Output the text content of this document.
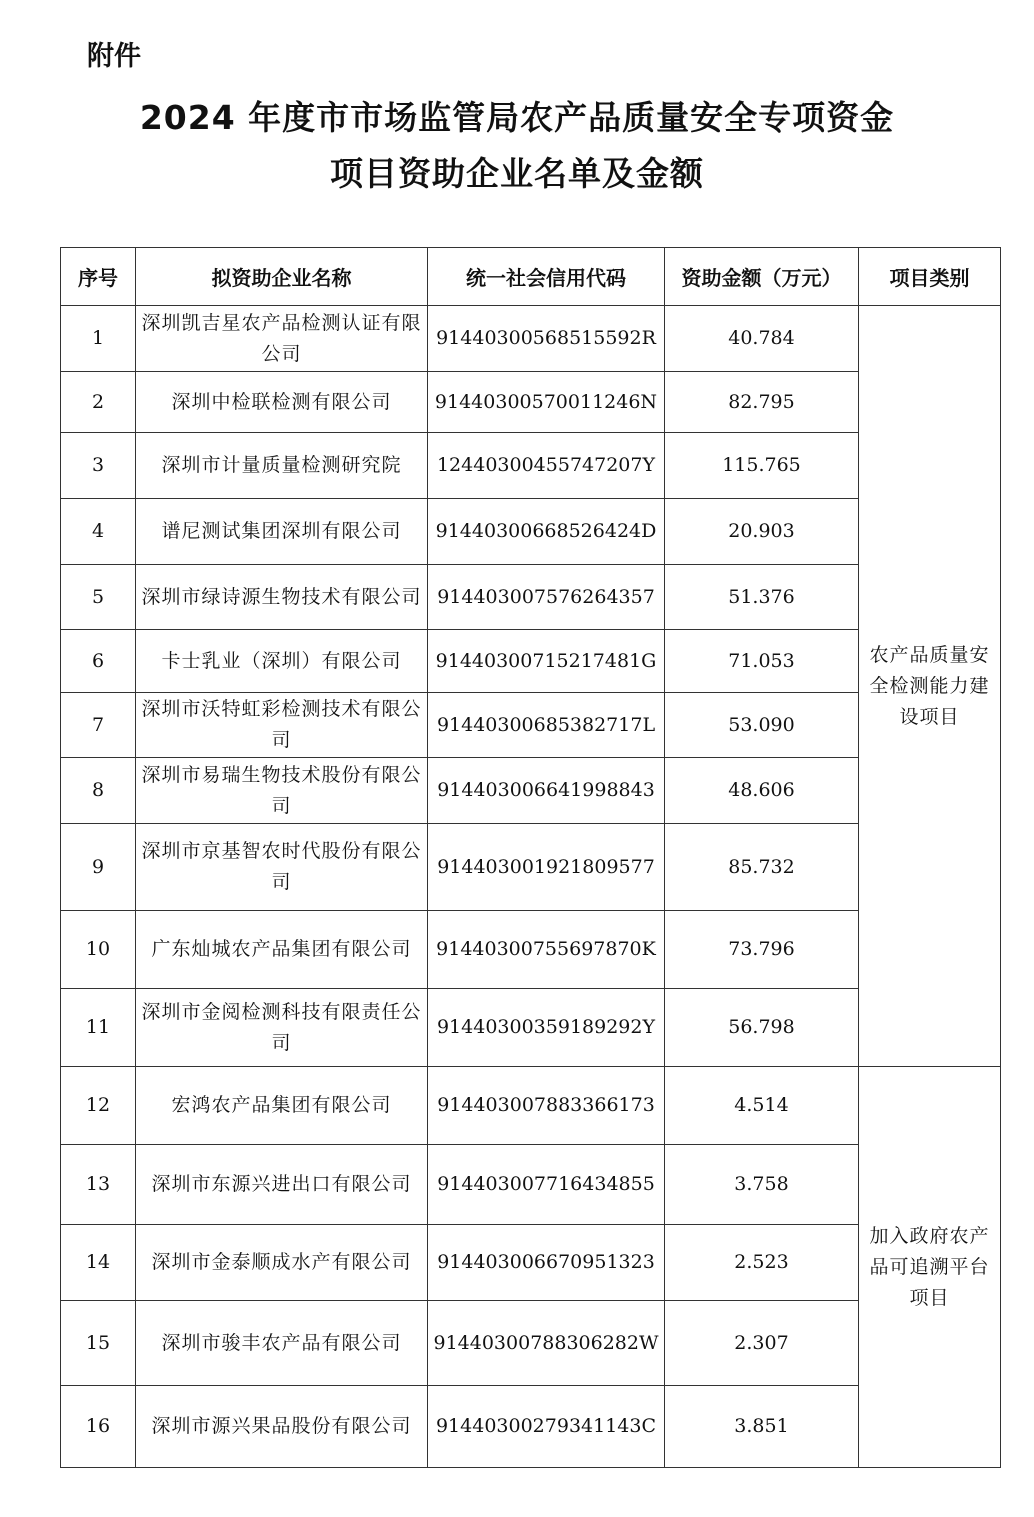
附件
2024 年度市市场监管局农产品质量安全专项资金
项目资助企业名单及金额
序号	拟资助企业名称	统一社会信用代码	资助金额（万元）	项目类别
1	深圳凯吉星农产品检测认证有限公司	91440300568515592R	40.784	农产品质量安全检测能力建设项目
2	深圳中检联检测有限公司	91440300570011246N	82.795	
3	深圳市计量质量检测研究院	12440300455747207Y	115.765	
4	谱尼测试集团深圳有限公司	91440300668526424D	20.903	
5	深圳市绿诗源生物技术有限公司	914403007576264357	51.376	
6	卡士乳业（深圳）有限公司	91440300715217481G	71.053	
7	深圳市沃特虹彩检测技术有限公司	91440300685382717L	53.090	
8	深圳市易瑞生物技术股份有限公司	914403006641998843	48.606	
9	深圳市京基智农时代股份有限公司	914403001921809577	85.732	
10	广东灿城农产品集团有限公司	91440300755697870K	73.796	
11	深圳市金阅检测科技有限责任公司	91440300359189292Y	56.798	
12	宏鸿农产品集团有限公司	914403007883366173	4.514	加入政府农产品可追溯平台项目
13	深圳市东源兴进出口有限公司	914403007716434855	3.758	
14	深圳市金泰顺成水产有限公司	914403006670951323	2.523	
15	深圳市骏丰农产品有限公司	91440300788306282W	2.307	
16	深圳市源兴果品股份有限公司	91440300279341143C	3.851	
